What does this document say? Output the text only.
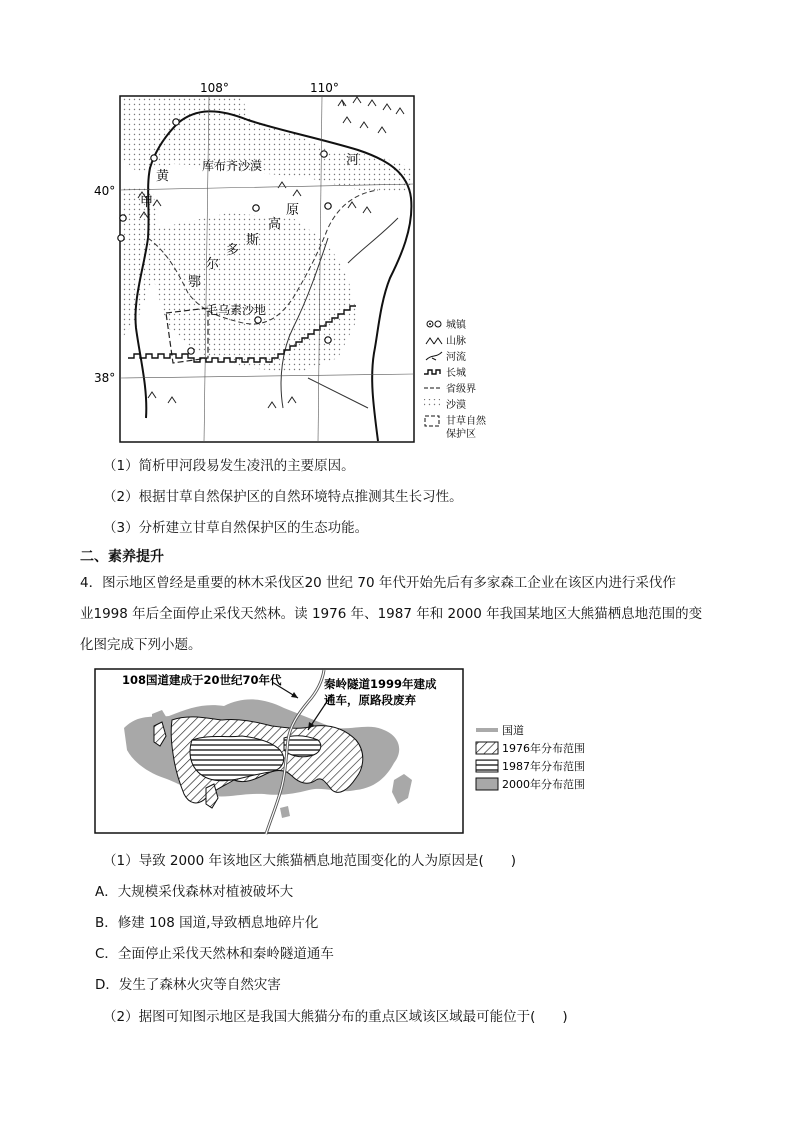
108°	110°
40°
38°
库布齐沙漠
黄
甲
河
鄂
尔
多
斯
高
原
毛乌素沙地
城镇
山脉
河流
长城
省级界
沙漠
甘草自然
保护区
（1）简析甲河段易发生凌汛的主要原因。
（2）根据甘草自然保护区的自然环境特点推测其生长习性。
（3）分析建立甘草自然保护区的生态功能。
二、素养提升
4．图示地区曾经是重要的林木采伐区20 世纪 70 年代开始先后有多家森工企业在该区内进行采伐作
业1998 年后全面停止采伐天然林。读 1976 年、1987 年和 2000 年我国某地区大熊猫栖息地范围的变
化图完成下列小题。
108国道建成于20世纪70年代	秦岭隧道1999年建成
通车，原路段废弃
国道
1976年分布范围
1987年分布范围
2000年分布范围
（1）导致 2000 年该地区大熊猫栖息地范围变化的人为原因是(　　)
A．大规模采伐森林对植被破坏大
B．修建 108 国道,导致栖息地碎片化
C．全面停止采伐天然林和秦岭隧道通车
D．发生了森林火灾等自然灾害
（2）据图可知图示地区是我国大熊猫分布的重点区域该区域最可能位于(　　)
